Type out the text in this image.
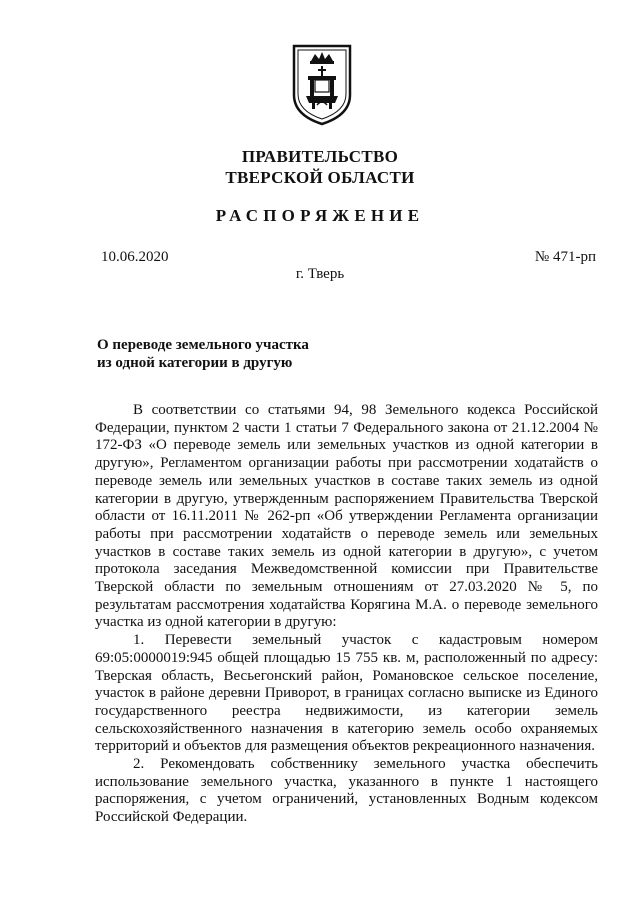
ПРАВИТЕЛЬСТВО
ТВЕРСКОЙ ОБЛАСТИ
РАСПОРЯЖЕНИЕ
10.06.2020	№ 471-рп
г. Тверь
О переводе земельного участка
из одной категории в другую

В соответствии со статьями 94, 98 Земельного кодекса Российской Федерации, пунктом 2 части 1 статьи 7 Федерального закона от 21.12.2004 № 172-ФЗ «О переводе земель или земельных участков из одной категории в другую», Регламентом организации работы при рассмотрении ходатайств о переводе земель или земельных участков в составе таких земель из одной категории в другую, утвержденным распоряжением Правительства Тверской области от 16.11.2011 № 262-рп «Об утверждении Регламента организации работы при рассмотрении ходатайств о переводе земель или земельных участков в составе таких земель из одной категории в другую», с учетом протокола заседания Межведомственной комиссии при Правительстве Тверской области по земельным отношениям от 27.03.2020 № 5, по результатам рассмотрения ходатайства Корягина М.А. о переводе земельного участка из одной категории в другую:

1. Перевести земельный участок с кадастровым номером 69:05:0000019:945 общей площадью 15 755 кв. м, расположенный по адресу: Тверская область, Весьегонский район, Романовское сельское поселение, участок в районе деревни Приворот, в границах согласно выписке из Единого государственного реестра недвижимости, из категории земель сельскохозяйственного назначения в категорию земель особо охраняемых территорий и объектов для размещения объектов рекреационного назначения.

2. Рекомендовать собственнику земельного участка обеспечить использование земельного участка, указанного в пункте 1 настоящего распоряжения, с учетом ограничений, установленных Водным кодексом Российской Федерации.
